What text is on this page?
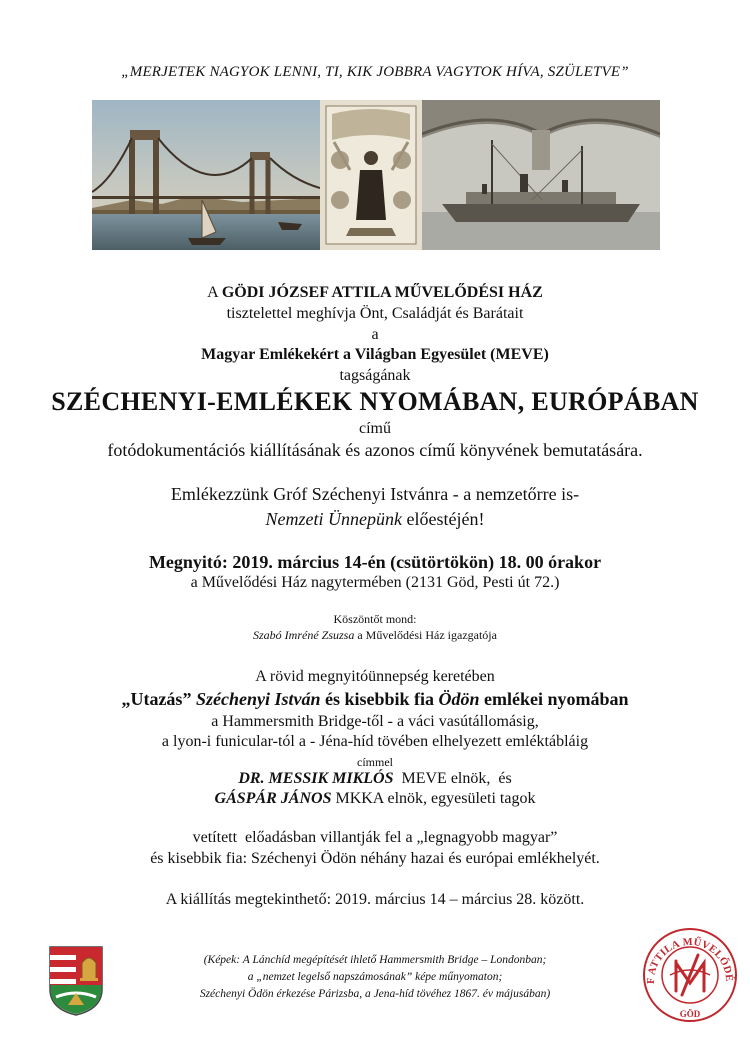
„MERJETEK NAGYOK LENNI, TI, KIK JOBBRA VAGYTOK HÍVA, SZÜLETVE”
A GÖDI JÓZSEF ATTILA MŰVELŐDÉSI HÁZ
tisztelettel meghívja Önt, Családját és Barátait
a
Magyar Emlékekért a Világban Egyesület (MEVE)
tagságának
SZÉCHENYI-EMLÉKEK NYOMÁBAN, EURÓPÁBAN
című
fotódokumentációs kiállításának és azonos című könyvének bemutatására.
Emlékezzünk Gróf Széchenyi Istvánra - a nemzetőrre is-
Nemzeti Ünnepünk előestéjén!
Megnyitó: 2019. március 14-én (csütörtökön) 18. 00 órakor
a Művelődési Ház nagytermében (2131 Göd, Pesti út 72.)
Köszöntőt mond:
Szabó Imréné Zsuzsa a Művelődési Ház igazgatója
A rövid megnyitóünnepség keretében
„Utazás” Széchenyi István és kisebbik fia Ödön emlékei nyomában
a Hammersmith Bridge-től - a váci vasútállomásig,
a lyon-i funicular-tól a - Jéna-híd tövében elhelyezett emléktábláig
címmel
DR. MESSIK MIKLÓS  MEVE elnök,  és
GÁSPÁR JÁNOS MKKA elnök, egyesületi tagok
vetített  előadásban villantják fel a „legnagyobb magyar”
és kisebbik fia: Széchenyi Ödön néhány hazai és európai emlékhelyét.
A kiállítás megtekinthető: 2019. március 14 – március 28. között.
(Képek: A Lánchíd megépítését ihlető Hammersmith Bridge – Londonban;
a „nemzet legelső napszámosának” képe műnyomaton;
Széchenyi Ödön érkezése Párizsba, a Jena-híd tövéhez 1867. év májusában)
F ATTILA MŰVELŐDÉ
GÖD
